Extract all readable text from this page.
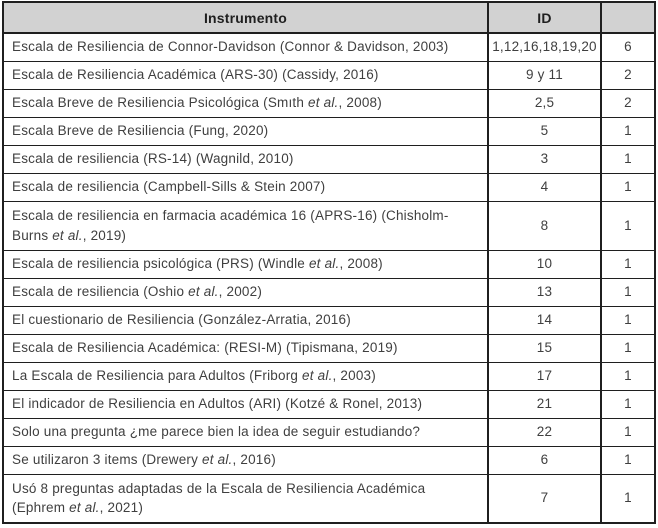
Instrumento	ID	
Escala de Resiliencia de Connor-Davidson (Connor & Davidson, 2003)	1,12,16,18,19,20	6
Escala de Resiliencia Académica (ARS-30) (Cassidy, 2016)	9 y 11	2
Escala Breve de Resiliencia Psicológica (Smıth et al., 2008)	2,5	2
Escala Breve de Resiliencia (Fung, 2020)	5	1
Escala de resiliencia (RS-14) (Wagnild, 2010)	3	1
Escala de resiliencia (Campbell-Sills & Stein 2007)	4	1
Escala de resiliencia en farmacia académica 16 (APRS-16) (Chisholm-Burns et al., 2019)	8	1
Escala de resiliencia psicológica (PRS) (Windle et al., 2008)	10	1
Escala de resiliencia (Oshio et al., 2002)	13	1
El cuestionario de Resiliencia (González-Arratia, 2016)	14	1
Escala de Resiliencia Académica: (RESI-M) (Tipismana, 2019)	15	1
La Escala de Resiliencia para Adultos (Friborg et al., 2003)	17	1
El indicador de Resiliencia en Adultos (ARI) (Kotzé & Ronel, 2013)	21	1
Solo una pregunta ¿me parece bien la idea de seguir estudiando?	22	1
Se utilizaron 3 items (Drewery et al., 2016)	6	1
Usó 8 preguntas adaptadas de la Escala de Resiliencia Académica (Ephrem et al., 2021)	7	1
